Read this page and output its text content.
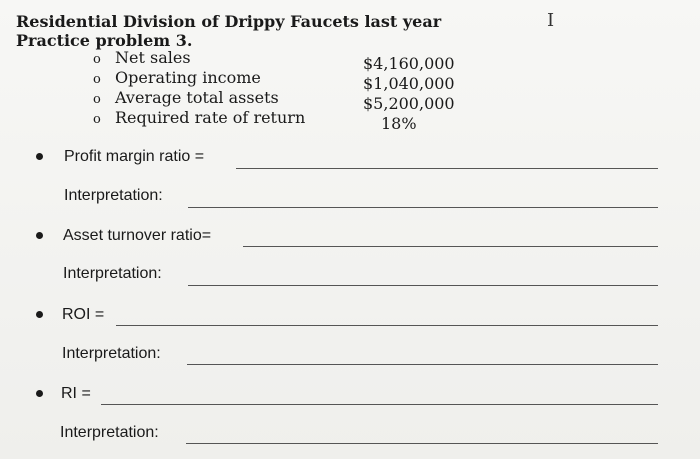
Residential Division of Drippy Faucets last year
Practice problem 3.
I
o Net sales
o Operating income
o Average total assets
o Required rate of return
$4,160,000
$1,040,000
$5,200,000
18%
Profit margin ratio =
Interpretation:
Asset turnover ratio=
Interpretation:
ROI =
Interpretation:
RI =
Interpretation:
